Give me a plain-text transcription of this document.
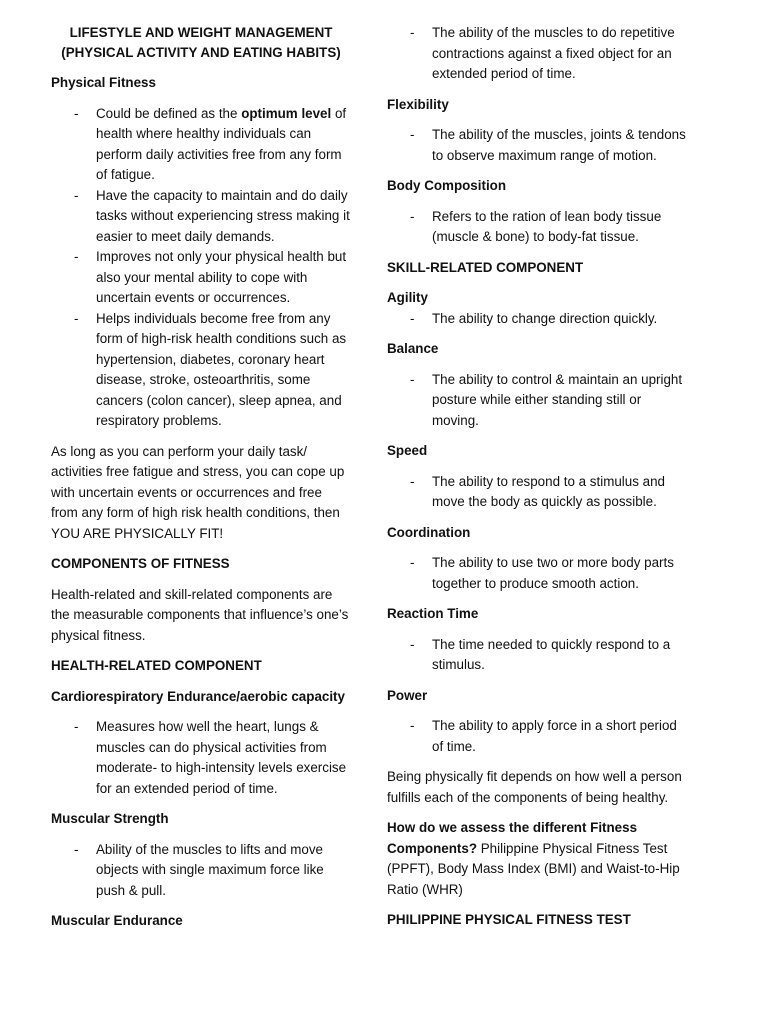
LIFESTYLE AND WEIGHT MANAGEMENT
(PHYSICAL ACTIVITY AND EATING HABITS)
Physical Fitness
- Could be defined as the optimum level of health where healthy individuals can perform daily activities free from any form of fatigue.
- Have the capacity to maintain and do daily tasks without experiencing stress making it easier to meet daily demands.
- Improves not only your physical health but also your mental ability to cope with uncertain events or occurrences.
- Helps individuals become free from any form of high-risk health conditions such as hypertension, diabetes, coronary heart disease, stroke, osteoarthritis, some cancers (colon cancer), sleep apnea, and respiratory problems.

As long as you can perform your daily task/ activities free fatigue and stress, you can cope up with uncertain events or occurrences and free from any form of high risk health conditions, then YOU ARE PHYSICALLY FIT!

COMPONENTS OF FITNESS

Health-related and skill-related components are the measurable components that influence’s one’s physical fitness.

HEALTH-RELATED COMPONENT
Cardiorespiratory Endurance/aerobic capacity
- Measures how well the heart, lungs & muscles can do physical activities from moderate- to high-intensity levels exercise for an extended period of time.
Muscular Strength
- Ability of the muscles to lifts and move objects with single maximum force like push & pull.
Muscular Endurance
- The ability of the muscles to do repetitive contractions against a fixed object for an extended period of time.
Flexibility
- The ability of the muscles, joints & tendons to observe maximum range of motion.
Body Composition
- Refers to the ration of lean body tissue (muscle & bone) to body-fat tissue.
SKILL-RELATED COMPONENT
Agility
- The ability to change direction quickly.
Balance
- The ability to control & maintain an upright posture while either standing still or moving.
Speed
- The ability to respond to a stimulus and move the body as quickly as possible.
Coordination
- The ability to use two or more body parts together to produce smooth action.
Reaction Time
- The time needed to quickly respond to a stimulus.
Power
- The ability to apply force in a short period of time.

Being physically fit depends on how well a person fulfills each of the components of being healthy.

How do we assess the different Fitness Components? Philippine Physical Fitness Test (PPFT), Body Mass Index (BMI) and Waist-to-Hip Ratio (WHR)

PHILIPPINE PHYSICAL FITNESS TEST
